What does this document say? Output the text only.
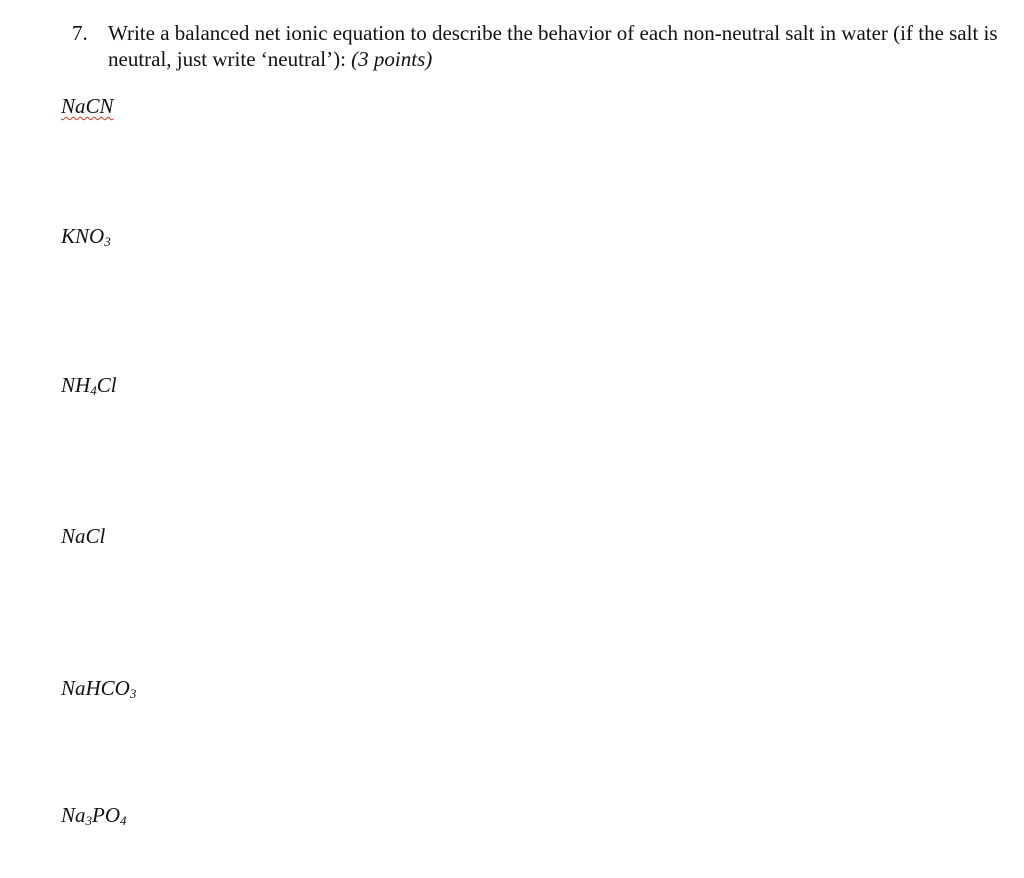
7. Write a balanced net ionic equation to describe the behavior of each non-neutral salt in water (if the salt is neutral, just write ‘neutral’): (3 points)
NaCN
$KNO_3$
$NH_4Cl$
NaCl
NaHCO$_3$
$Na_3PO_4$
